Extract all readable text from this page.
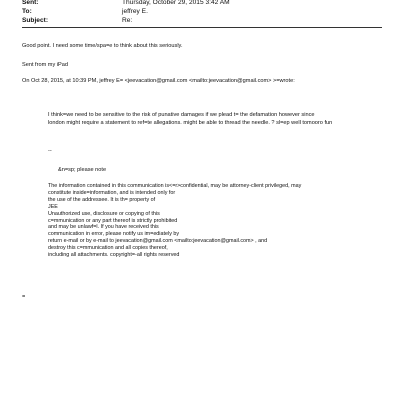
Sent:	Thursday, October 29, 2015 3:42 AM
To:	jeffrey E.
Subject:	Re:

Good point. I need some time/spa=e to think about this seriously.

Sent from my iPad

On Oct 28, 2015, at 10:39 PM, jeffrey E= <jeevacation@gmail.com <mailto:jeevacation@gmail.com> >=wrote:

I think=we need to be sensitive to the risk of punative damages if we plead t= the defamation however since

london might require a statement to ref=te allegations. might be able to thread the needle. ? sl=ep well tomooro fun

--

&n=sp; please note

The information contained in this communication is<=r>confidential, may be attorney-client privileged, may
constitute inside=information, and is intended only for
the use of the addressee. It is th= property of
JEE
Unauthorized use, disclosure or copying of this
c=mmunication or any part thereof is strictly prohibited
and may be unlawf=l. If you have received this
communication in error, please notify us im=ediately by
return e-mail or by e-mail to jeevacation@gmail.com <mailto:jeevacation@gmail.com> , and
destroy this c=mmunication and all copies thereof,
including all attachments. copyright=-all rights reserved

=
